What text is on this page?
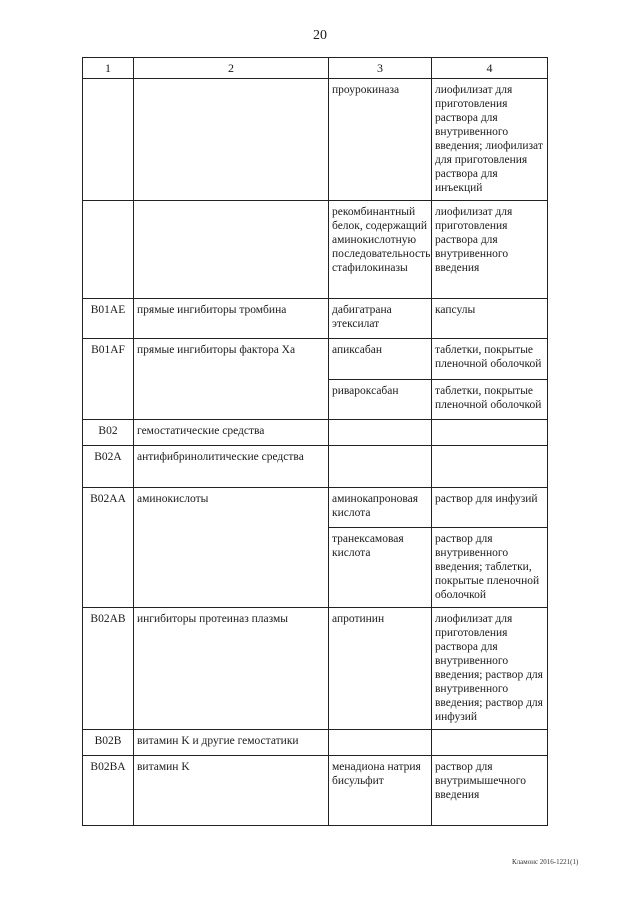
20
1	2	3	4
		проурокиназа	лиофилизат для приготовления раствора для внутривенного введения; лиофилизат для приготовления раствора для инъекций
		рекомбинантный белок, содержащий аминокислотную последовательность стафилокиназы	лиофилизат для приготовления раствора для внутривенного введения
B01AE	прямые ингибиторы тромбина	дабигатрана этексилат	капсулы
B01AF	прямые ингибиторы фактора Xa	апиксабан	таблетки, покрытые пленочной оболочкой
		ривароксабан	таблетки, покрытые пленочной оболочкой
B02	гемостатические средства		
B02A	антифибринолитические средства		
B02AA	аминокислоты	аминокапроновая кислота	раствор для инфузий
		транексамовая кислота	раствор для внутривенного введения; таблетки, покрытые пленочной оболочкой
B02AB	ингибиторы протеиназ плазмы	апротинин	лиофилизат для приготовления раствора для внутривенного введения; раствор для внутривенного введения; раствор для инфузий
B02B	витамин K и другие гемостатики		
B02BA	витамин K	менадиона натрия бисульфит	раствор для внутримышечного введения
Кламонс 2016-1221(1)
